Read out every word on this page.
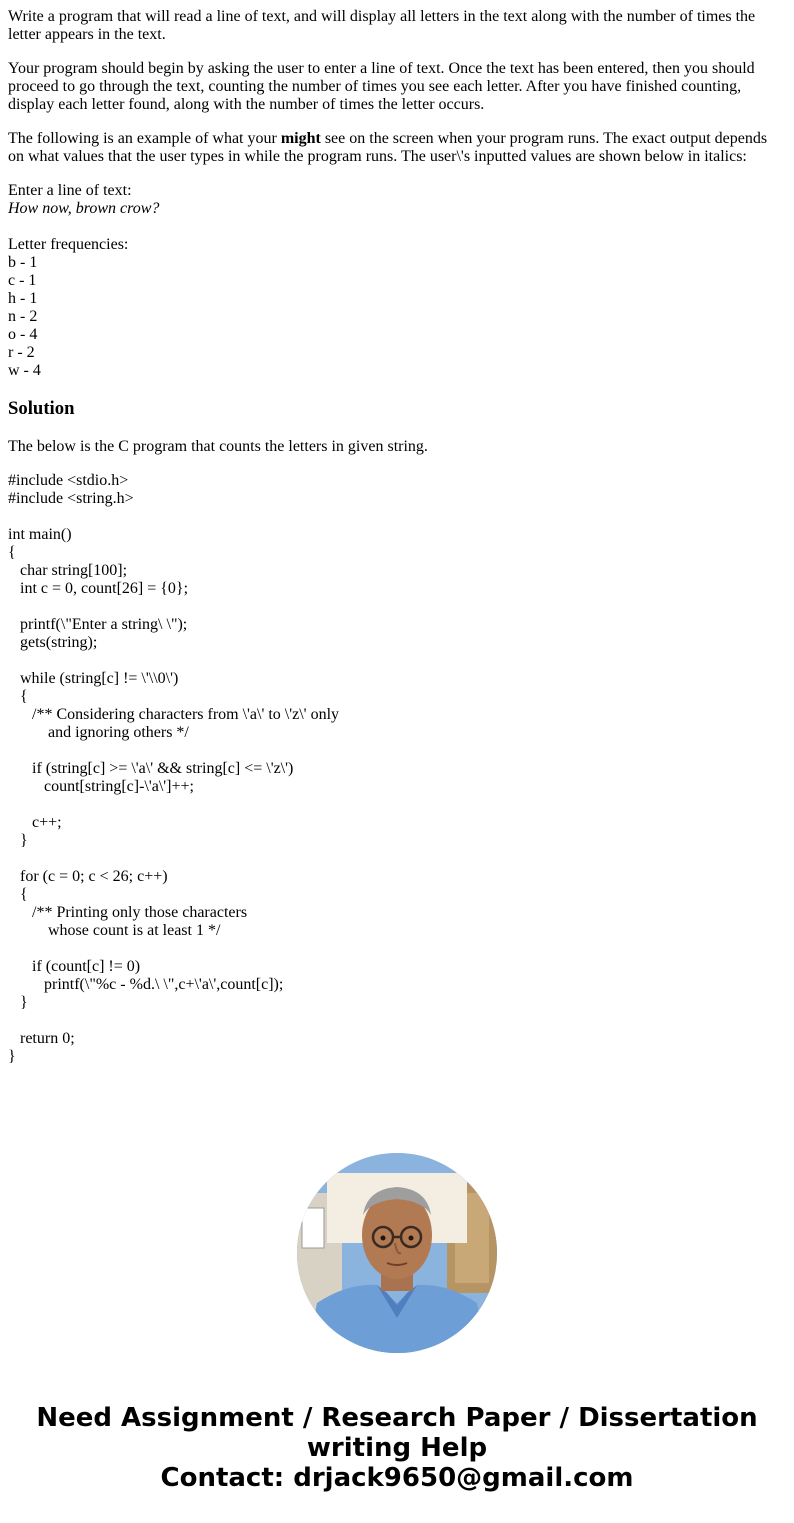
Write a program that will read a line of text, and will display all letters in the text along with the number of times the letter appears in the text.

Your program should begin by asking the user to enter a line of text. Once the text has been entered, then you should proceed to go through the text, counting the number of times you see each letter. After you have finished counting, display each letter found, along with the number of times the letter occurs.

The following is an example of what your might see on the screen when your program runs. The exact output depends on what values that the user types in while the program runs. The user\'s inputted values are shown below in italics:

Enter a line of text:
How now, brown crow?
Letter frequencies:
b - 1
c - 1
h - 1
n - 2
o - 4
r - 2
w - 4

Solution

The below is the C program that counts the letters in given string.

#include <stdio.h>
#include <string.h>
int main()
{
char string[100];
int c = 0, count[26] = {0};
printf(\"Enter a string\ \");
gets(string);
while (string[c] != \'\\0\')
{
/** Considering characters from \'a\' to \'z\' only
and ignoring others */
if (string[c] >= \'a\' && string[c] <= \'z\')
count[string[c]-\'a\']++;
c++;
}
for (c = 0; c < 26; c++)
{
/** Printing only those characters
whose count is at least 1 */
if (count[c] != 0)
printf(\"%c - %d.\ \",c+\'a\',count[c]);
}
return 0;
}

Need Assignment / Research Paper / Dissertation
writing Help
Contact: drjack9650@gmail.com
